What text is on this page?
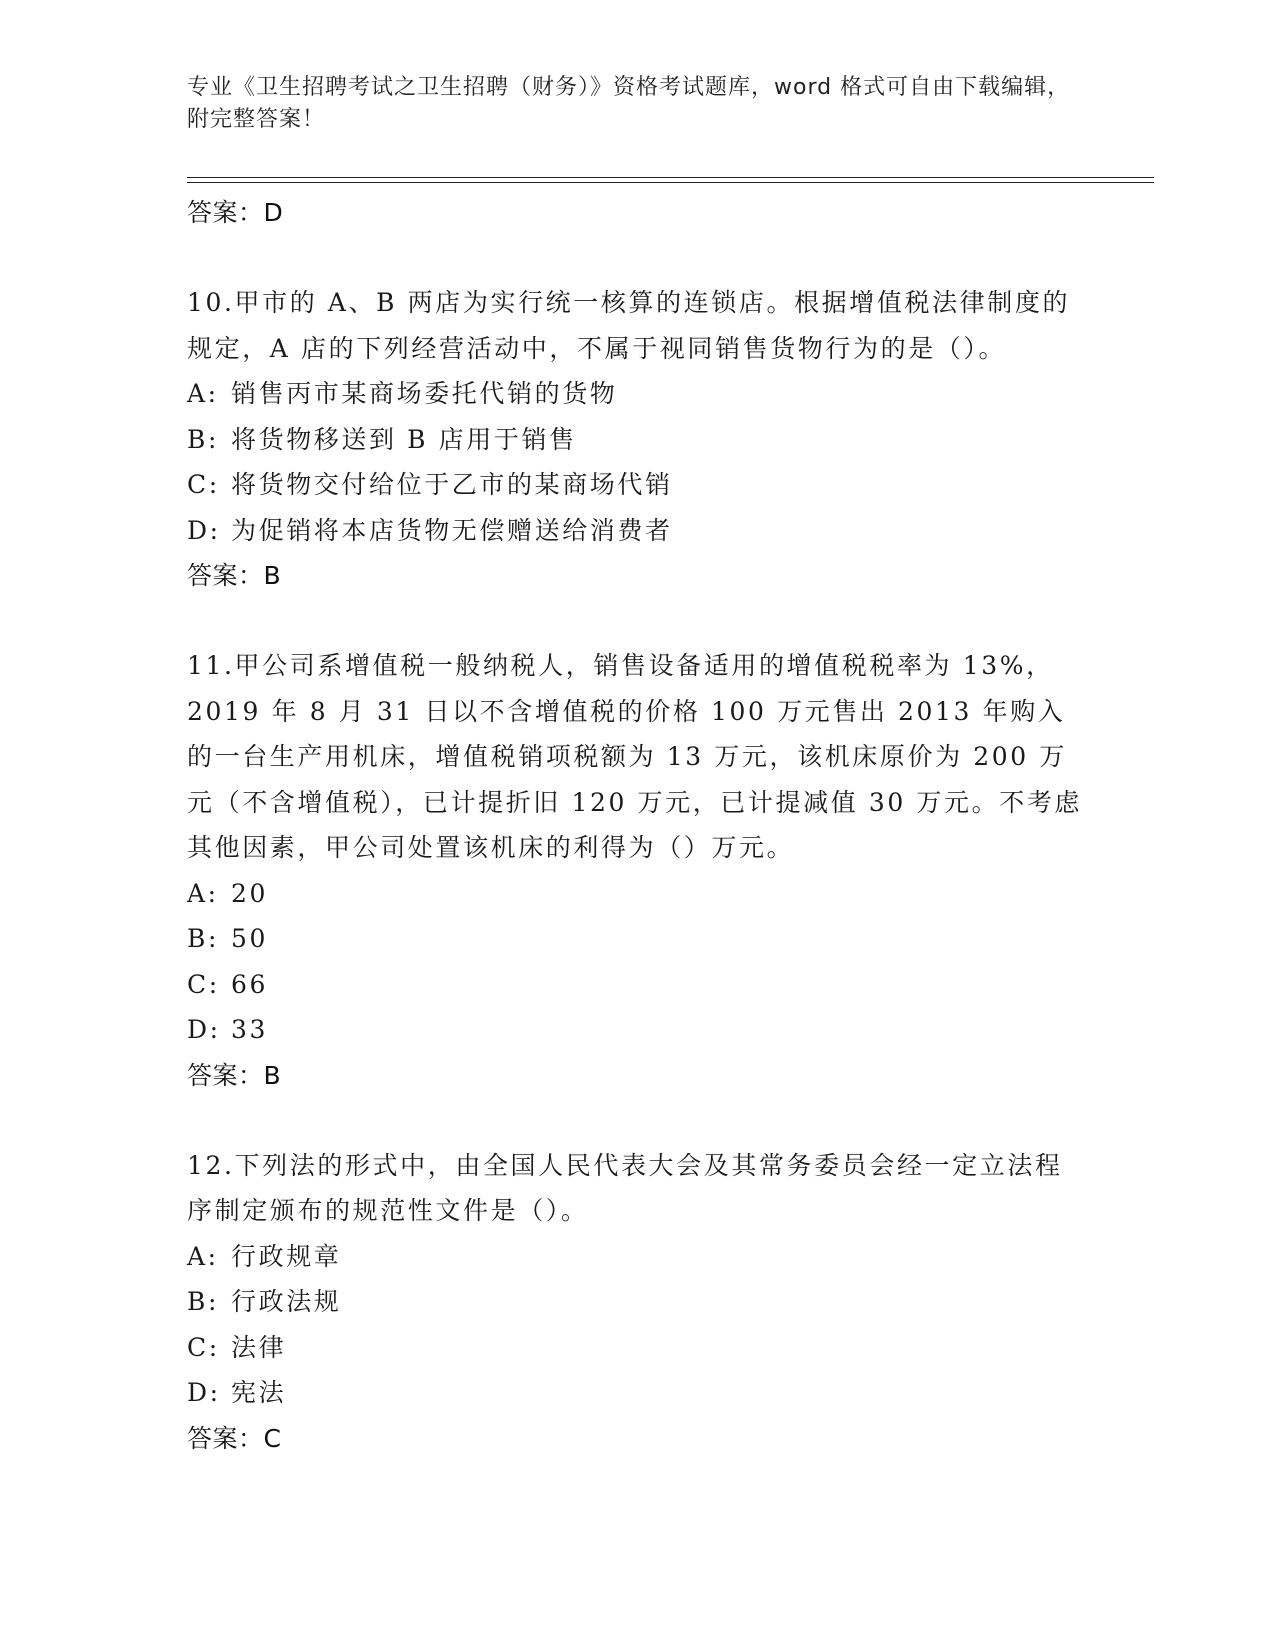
专业《卫生招聘考试之卫生招聘（财务）》资格考试题库，word 格式可自由下载编辑，附完整答案！
答案：D

10.甲市的 A、B 两店为实行统一核算的连锁店。根据增值税法律制度的规定，A 店的下列经营活动中，不属于视同销售货物行为的是（）。

A: 销售丙市某商场委托代销的货物
B: 将货物移送到 B 店用于销售
C: 将货物交付给位于乙市的某商场代销
D: 为促销将本店货物无偿赠送给消费者
答案：B

11.甲公司系增值税一般纳税人，销售设备适用的增值税税率为 13%，2019 年 8 月 31 日以不含增值税的价格 100 万元售出 2013 年购入的一台生产用机床，增值税销项税额为 13 万元，该机床原价为 200 万元（不含增值税），已计提折旧 120 万元，已计提减值 30 万元。不考虑其他因素，甲公司处置该机床的利得为（）万元。

A: 20
B: 50
C: 66
D: 33
答案：B

12.下列法的形式中，由全国人民代表大会及其常务委员会经一定立法程序制定颁布的规范性文件是（）。

A: 行政规章
B: 行政法规
C: 法律
D: 宪法
答案：C
